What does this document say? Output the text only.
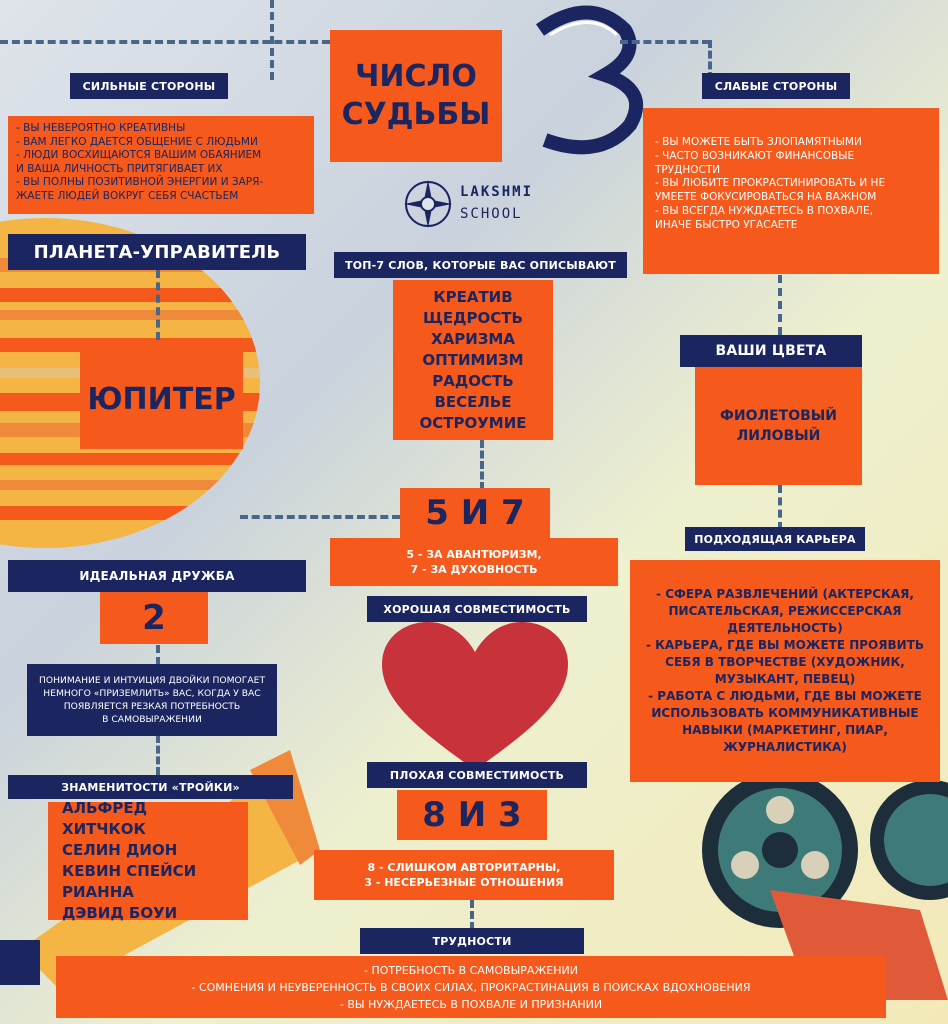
ЧИСЛО
СУДЬБЫ
LAKSHMI
SCHOOL
СИЛЬНЫЕ СТОРОНЫ
- ВЫ НЕВЕРОЯТНО КРЕАТИВНЫ
- ВАМ ЛЕГКО ДАЕТСЯ ОБЩЕНИЕ С ЛЮДЬМИ
- ЛЮДИ ВОСХИЩАЮТСЯ ВАШИМ ОБАЯНИЕМ
И ВАША ЛИЧНОСТЬ ПРИТЯГИВАЕТ ИХ
- ВЫ ПОЛНЫ ПОЗИТИВНОЙ ЭНЕРГИИ И ЗАРЯ-
ЖАЕТЕ ЛЮДЕЙ ВОКРУГ СЕБЯ СЧАСТЬЕМ
СЛАБЫЕ СТОРОНЫ
- ВЫ МОЖЕТЕ БЫТЬ ЗЛОПАМЯТНЫМИ
- ЧАСТО ВОЗНИКАЮТ ФИНАНСОВЫЕ
ТРУДНОСТИ
- ВЫ ЛЮБИТЕ ПРОКРАСТИНИРОВАТЬ И НЕ
УМЕЕТЕ ФОКУСИРОВАТЬСЯ НА ВАЖНОМ
- ВЫ ВСЕГДА НУЖДАЕТЕСЬ В ПОХВАЛЕ,
ИНАЧЕ БЫСТРО УГАСАЕТЕ
ПЛАНЕТА-УПРАВИТЕЛЬ
ЮПИТЕР
ТОП-7 СЛОВ, КОТОРЫЕ ВАС ОПИСЫВАЮТ
КРЕАТИВ
ЩЕДРОСТЬ
ХАРИЗМА
ОПТИМИЗМ
РАДОСТЬ
ВЕСЕЛЬЕ
ОСТРОУМИЕ
ВАШИ ЦВЕТА
ФИОЛЕТОВЫЙ
ЛИЛОВЫЙ
5 И 7
5 - ЗА АВАНТЮРИЗМ,
7 - ЗА ДУХОВНОСТЬ
ХОРОШАЯ СОВМЕСТИМОСТЬ
ПЛОХАЯ СОВМЕСТИМОСТЬ
8 И 3
8 - СЛИШКОМ АВТОРИТАРНЫ,
3 - НЕСЕРЬЕЗНЫЕ ОТНОШЕНИЯ
ИДЕАЛЬНАЯ ДРУЖБА
2
ПОНИМАНИЕ И ИНТУИЦИЯ ДВОЙКИ ПОМОГАЕТ
НЕМНОГО «ПРИЗЕМЛИТЬ» ВАС, КОГДА У ВАС
ПОЯВЛЯЕТСЯ РЕЗКАЯ ПОТРЕБНОСТЬ
В САМОВЫРАЖЕНИИ
ПОДХОДЯЩАЯ КАРЬЕРА
- СФЕРА РАЗВЛЕЧЕНИЙ (АКТЕРСКАЯ,
ПИСАТЕЛЬСКАЯ, РЕЖИССЕРСКАЯ
ДЕЯТЕЛЬНОСТЬ)
- КАРЬЕРА, ГДЕ ВЫ МОЖЕТЕ ПРОЯВИТЬ
СЕБЯ В ТВОРЧЕСТВЕ (ХУДОЖНИК,
МУЗЫКАНТ, ПЕВЕЦ)
- РАБОТА С ЛЮДЬМИ, ГДЕ ВЫ МОЖЕТЕ
ИСПОЛЬЗОВАТЬ КОММУНИКАТИВНЫЕ
НАВЫКИ (МАРКЕТИНГ, ПИАР,
ЖУРНАЛИСТИКА)
ЗНАМЕНИТОСТИ «ТРОЙКИ»
АЛЬФРЕД ХИТЧКОК
СЕЛИН ДИОН
КЕВИН СПЕЙСИ
РИАННА
ДЭВИД БОУИ
ТРУДНОСТИ
- ПОТРЕБНОСТЬ В САМОВЫРАЖЕНИИ
- СОМНЕНИЯ И НЕУВЕРЕННОСТЬ В СВОИХ СИЛАХ, ПРОКРАСТИНАЦИЯ В ПОИСКАХ ВДОХНОВЕНИЯ
- ВЫ НУЖДАЕТЕСЬ В ПОХВАЛЕ И ПРИЗНАНИИ
